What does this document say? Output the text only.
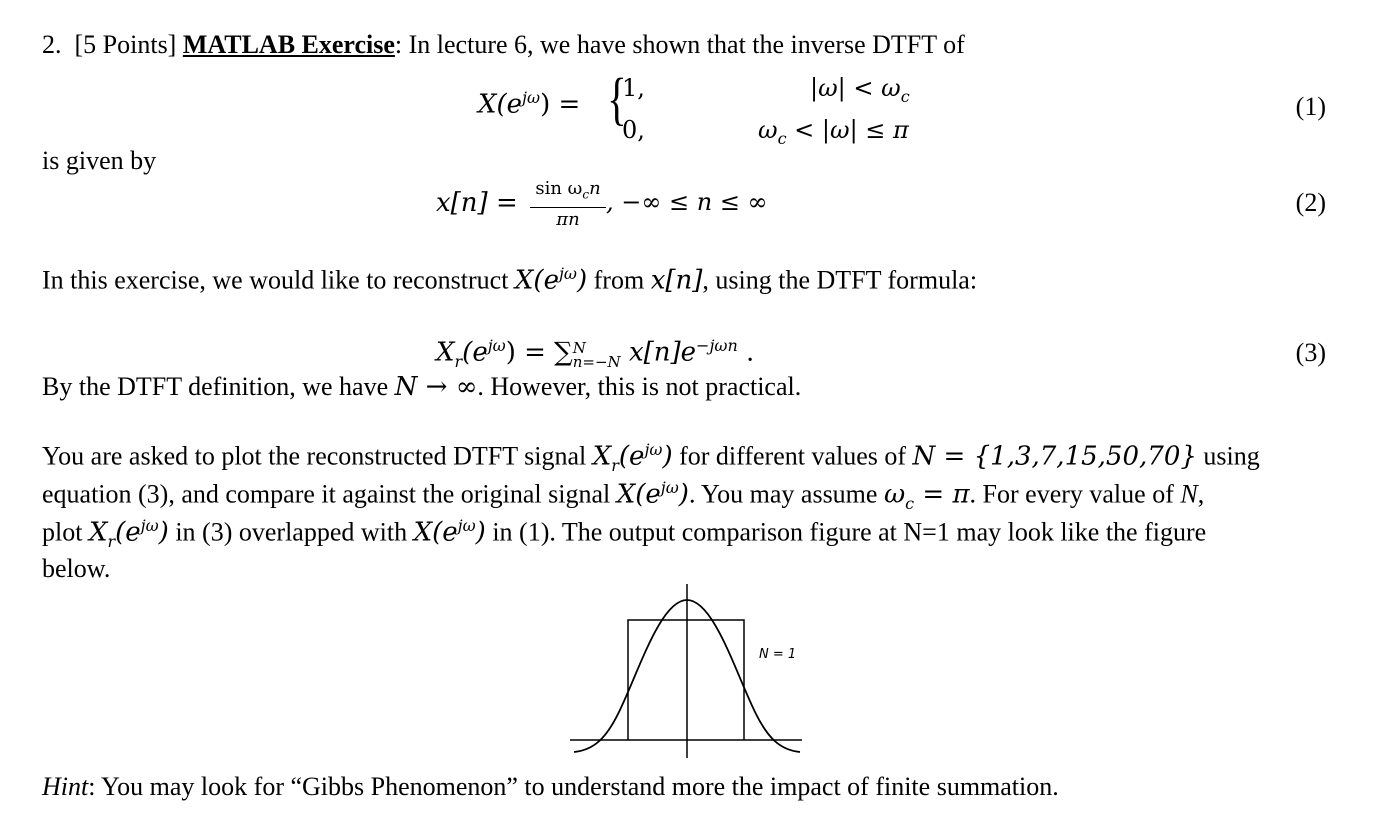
2. [5 Points] MATLAB Exercise: In lecture 6, we have shown that the inverse DTFT of
$X(e^{j\omega})$ = {
1,
0,
$|\omega| < \omega_c$
$\omega_c < |\omega| \le \pi$
(1)
is given by
$x[n] = \sin \omega_cn$
πn
, −∞ ≤ n ≤ ∞	(2)
In this exercise, we would like to reconstruct $X(e^{j\omega})$ from x[n], using the DTFT formula:
$X_r(e^{j\omega})$ = ∑ N
n=−N $x[n]e^{-j\omega n}$ .	(3)
By the DTFT definition, we have N → ∞. However, this is not practical.
You are asked to plot the reconstructed DTFT signal $X_r(e^{j\omega})$ for different values of N = {1,3,7,15,50,70} using
equation (3), and compare it against the original signal $X(e^{j\omega})$. You may assume $\omega_c = \pi$. For every value of N,
plot $X_r(e^{j\omega})$ in (3) overlapped with $X(e^{j\omega})$ in (1). The output comparison figure at N=1 may look like the figure
below.
N = 1
Hint: You may look for “Gibbs Phenomenon” to understand more the impact of finite summation.
